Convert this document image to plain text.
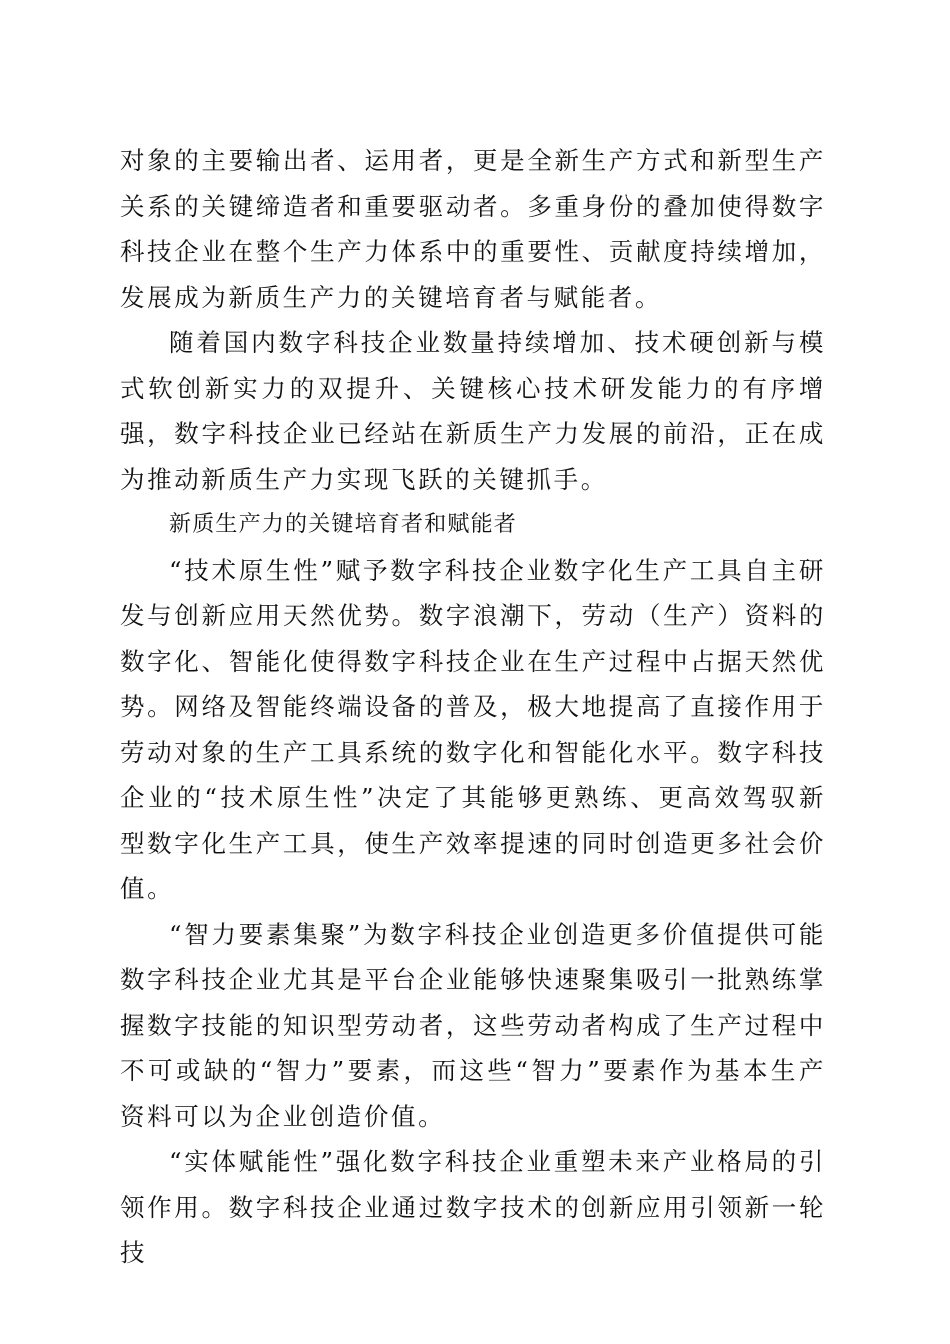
对象的主要输出者、运用者，更是全新生产方式和新型生产关系的关键缔造者和重要驱动者。多重身份的叠加使得数字科技企业在整个生产力体系中的重要性、贡献度持续增加，发展成为新质生产力的关键培育者与赋能者。

随着国内数字科技企业数量持续增加、技术硬创新与模式软创新实力的双提升、关键核心技术研发能力的有序增强，数字科技企业已经站在新质生产力发展的前沿，正在成为推动新质生产力实现飞跃的关键抓手。

新质生产力的关键培育者和赋能者

“技术原生性”赋予数字科技企业数字化生产工具自主研发与创新应用天然优势。数字浪潮下，劳动（生产）资料的数字化、智能化使得数字科技企业在生产过程中占据天然优势。网络及智能终端设备的普及，极大地提高了直接作用于劳动对象的生产工具系统的数字化和智能化水平。数字科技企业的“技术原生性”决定了其能够更熟练、更高效驾驭新型数字化生产工具，使生产效率提速的同时创造更多社会价值。

“智力要素集聚”为数字科技企业创造更多价值提供可能数字科技企业尤其是平台企业能够快速聚集吸引一批熟练掌握数字技能的知识型劳动者，这些劳动者构成了生产过程中不可或缺的“智力”要素，而这些“智力”要素作为基本生产资料可以为企业创造价值。

“实体赋能性”强化数字科技企业重塑未来产业格局的引领作用。数字科技企业通过数字技术的创新应用引领新一轮技
